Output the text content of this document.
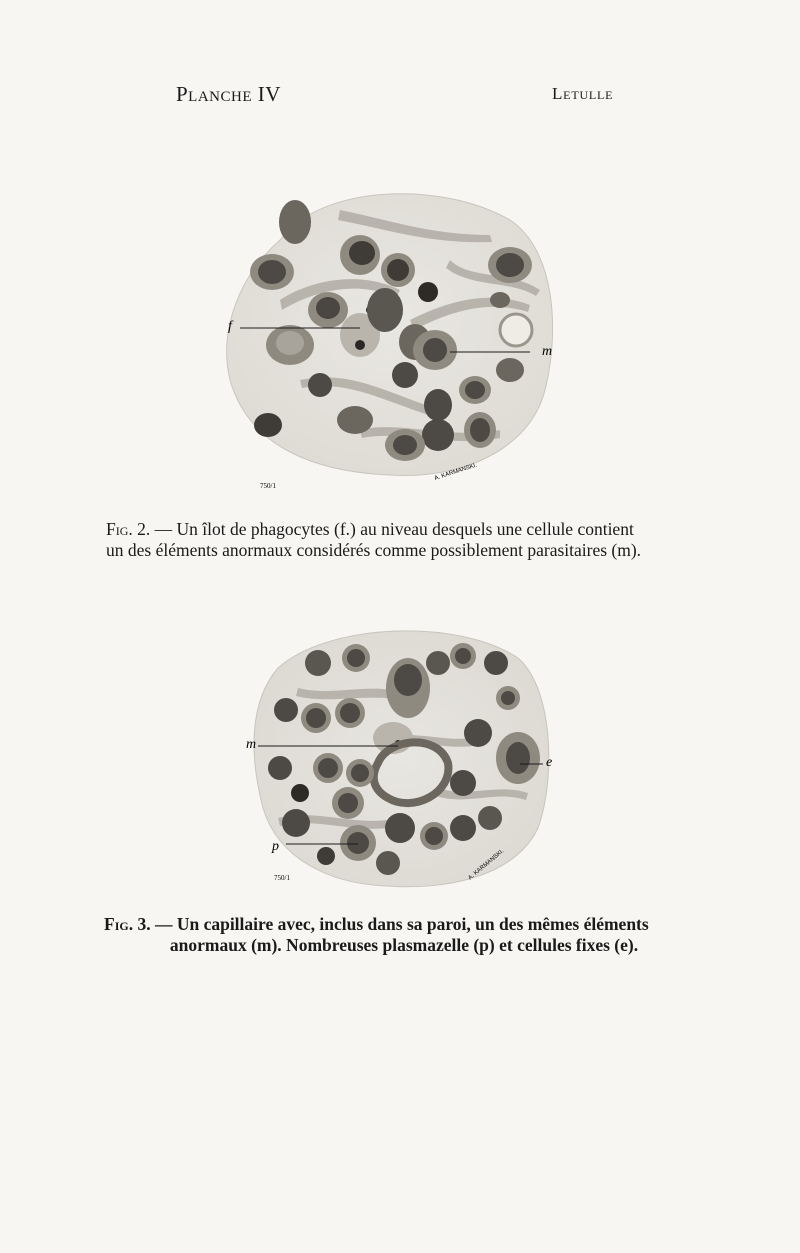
Planche IV	Letulle
f
m
750/1
A. KARMANSKI.
Fig. 2. — Un îlot de phagocytes (f.) au niveau desquels une cellule contient
un des éléments anormaux considérés comme possiblement parasitaires (m).
m
e
p
750/1	A. KARMANSKI.
Fig. 3. — Un capillaire avec, inclus dans sa paroi, un des mêmes éléments
anormaux (m). Nombreuses plasmazelle (p) et cellules fixes (e).
